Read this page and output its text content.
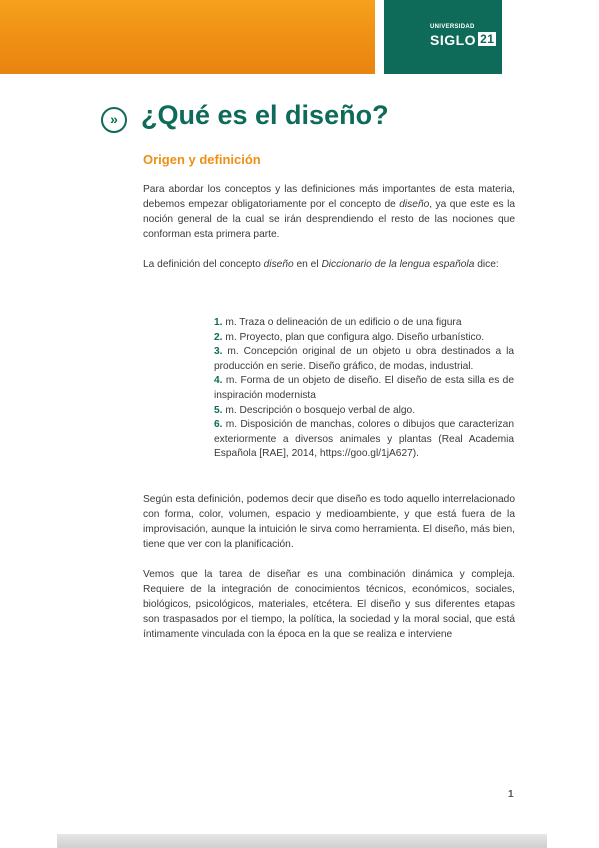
UNIVERSIDAD
SIGLO 21
» ¿Qué es el diseño?
Origen y definición

Para abordar los conceptos y las definiciones más importantes de esta materia, debemos empezar obligatoriamente por el concepto de diseño, ya que este es la noción general de la cual se irán desprendiendo el resto de las nociones que conforman esta primera parte.

La definición del concepto diseño en el Diccionario de la lengua española dice:

1. m. Traza o delineación de un edificio o de una figura

2. m. Proyecto, plan que configura algo. Diseño urbanístico.

3. m. Concepción original de un objeto u obra destinados a la producción en serie. Diseño gráfico, de modas, industrial.

4. m. Forma de un objeto de diseño. El diseño de esta silla es de inspiración modernista

5. m. Descripción o bosquejo verbal de algo.

6. m. Disposición de manchas, colores o dibujos que caracterizan exteriormente a diversos animales y plantas (Real Academia Española [RAE], 2014, https://goo.gl/1jA627).

Según esta definición, podemos decir que diseño es todo aquello interrelacionado con forma, color, volumen, espacio y medioambiente, y que está fuera de la improvisación, aunque la intuición le sirva como herramienta. El diseño, más bien, tiene que ver con la planificación.

Vemos que la tarea de diseñar es una combinación dinámica y compleja. Requiere de la integración de conocimientos técnicos, económicos, sociales, biológicos, psicológicos, materiales, etcétera. El diseño y sus diferentes etapas son traspasados por el tiempo, la política, la sociedad y la moral social, que está íntimamente vinculada con la época en la que se realiza e interviene

1
